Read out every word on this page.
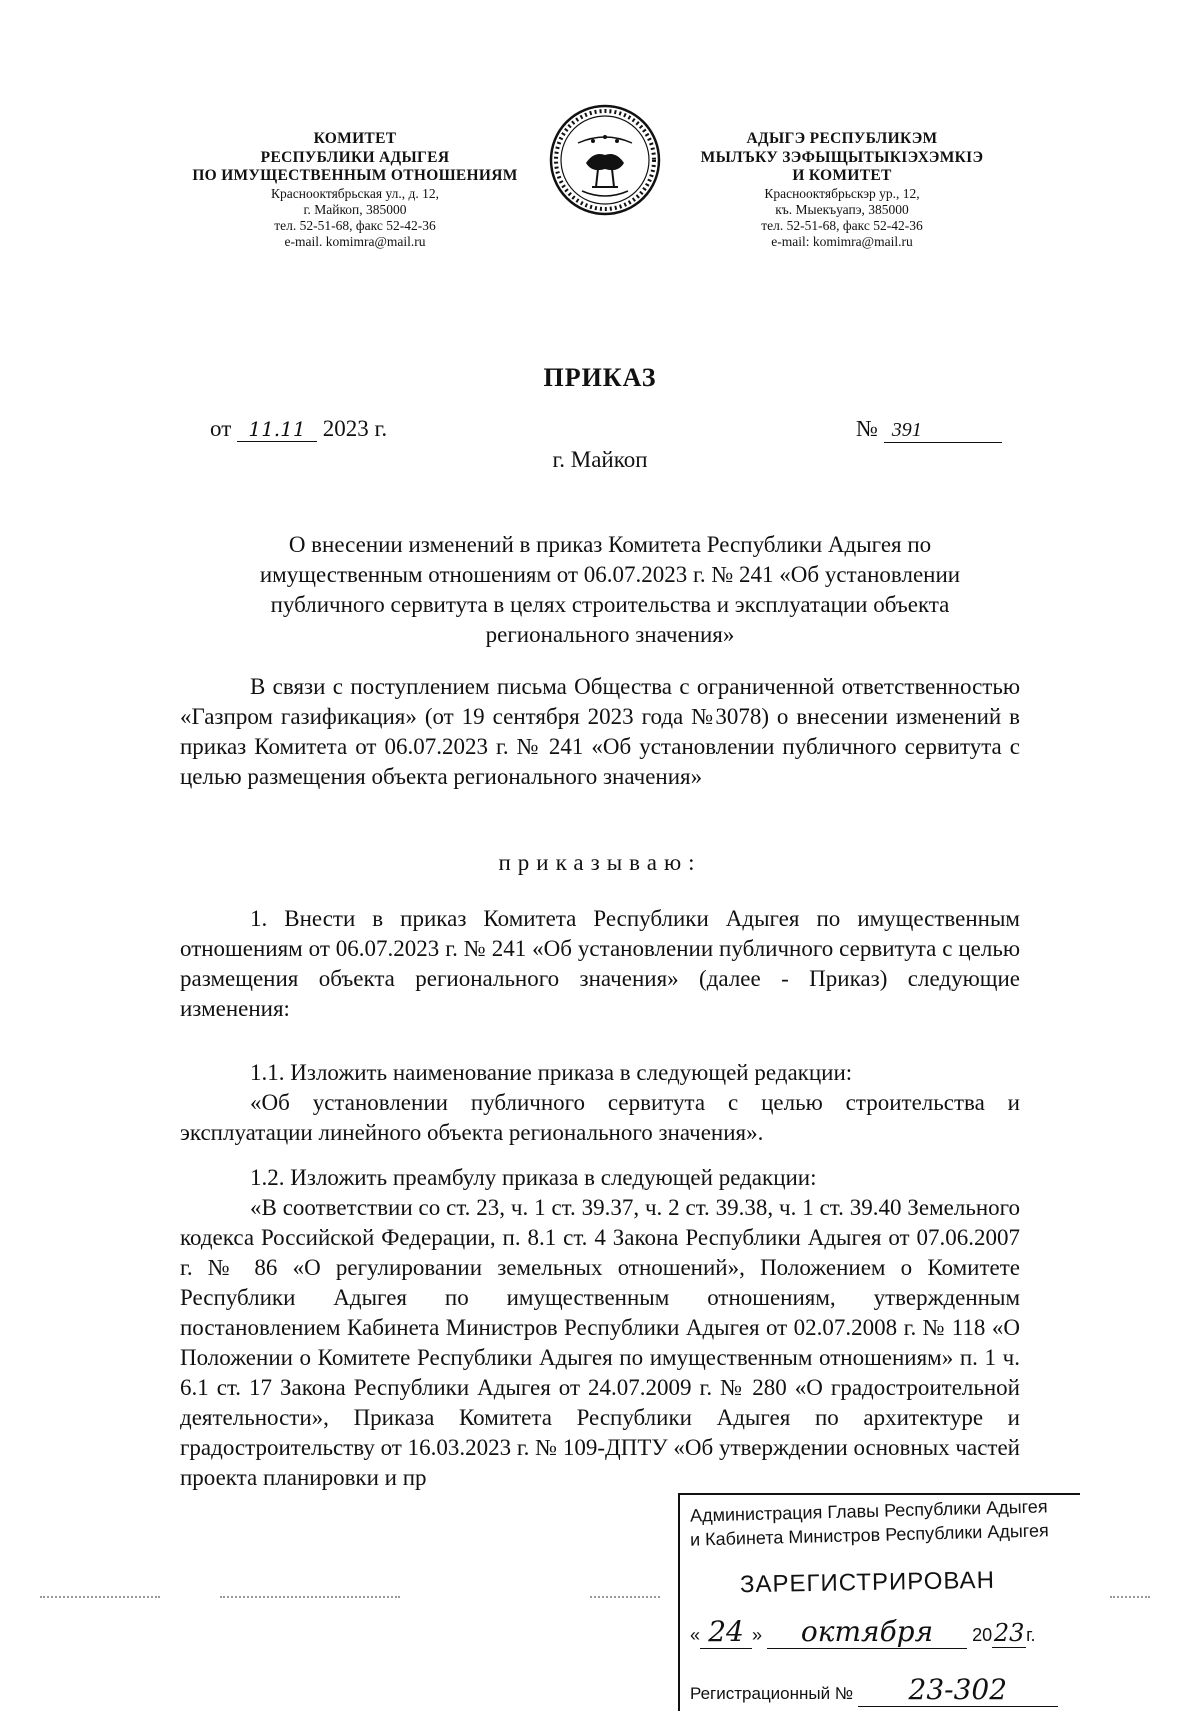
КОМИТЕТ
РЕСПУБЛИКИ АДЫГЕЯ
ПО ИМУЩЕСТВЕННЫМ ОТНОШЕНИЯМ
Краснооктябрьская ул., д. 12,
г. Майкоп, 385000
тел. 52-51-68, факс 52-42-36
e-mail. komimra@mail.ru
АДЫГЭ РЕСПУБЛИКЭМ
МЫЛЪКУ ЗЭФЫЩЫТЫКІЭХЭМКІЭ
И КОМИТЕТ
Краснооктябрьскэр ур., 12,
къ. Мыекъуапэ, 385000
тел. 52-51-68, факс 52-42-36
e-mail: komimra@mail.ru
ПРИКАЗ
от 11.11 2023 г.	№ 391
г. Майкоп
О внесении изменений в приказ Комитета Республики Адыгея по имущественным отношениям от 06.07.2023 г. № 241 «Об установлении публичного сервитута в целях строительства и эксплуатации объекта регионального значения»

В связи с поступлением письма Общества с ограниченной ответственностью «Газпром газификация» (от 19 сентября 2023 года №3078) о внесении изменений в приказ Комитета от 06.07.2023 г. № 241 «Об установлении публичного сервитута с целью размещения объекта регионального значения»

приказываю:

1. Внести в приказ Комитета Республики Адыгея по имущественным отношениям от 06.07.2023 г. № 241 «Об установлении публичного сервитута с целью размещения объекта регионального значения» (далее - Приказ) следующие изменения:

1.1. Изложить наименование приказа в следующей редакции:

«Об установлении публичного сервитута с целью строительства и эксплуатации линейного объекта регионального значения».

1.2. Изложить преамбулу приказа в следующей редакции:

«В соответствии со ст. 23, ч. 1 ст. 39.37, ч. 2 ст. 39.38, ч. 1 ст. 39.40 Земельного кодекса Российской Федерации, п. 8.1 ст. 4 Закона Республики Адыгея от 07.06.2007 г. № 86 «О регулировании земельных отношений», Положением о Комитете Республики Адыгея по имущественным отношениям, утвержденным постановлением Кабинета Министров Республики Адыгея от 02.07.2008 г. № 118 «О Положении о Комитете Республики Адыгея по имущественным отношениям» п. 1 ч. 6.1 ст. 17 Закона Республики Адыгея от 24.07.2009 г. № 280 «О градостроительной деятельности», Приказа Комитета Республики Адыгея по архитектуре и градостроительству от 16.03.2023 г. № 109-ДПТУ «Об утверждении основных частей проекта планировки и пр

Администрация Главы Республики Адыгея
и Кабинета Министров Республики Адыгея
ЗАРЕГИСТРИРОВАН
« 24 » октября 2023г.
Регистрационный № 23-302
